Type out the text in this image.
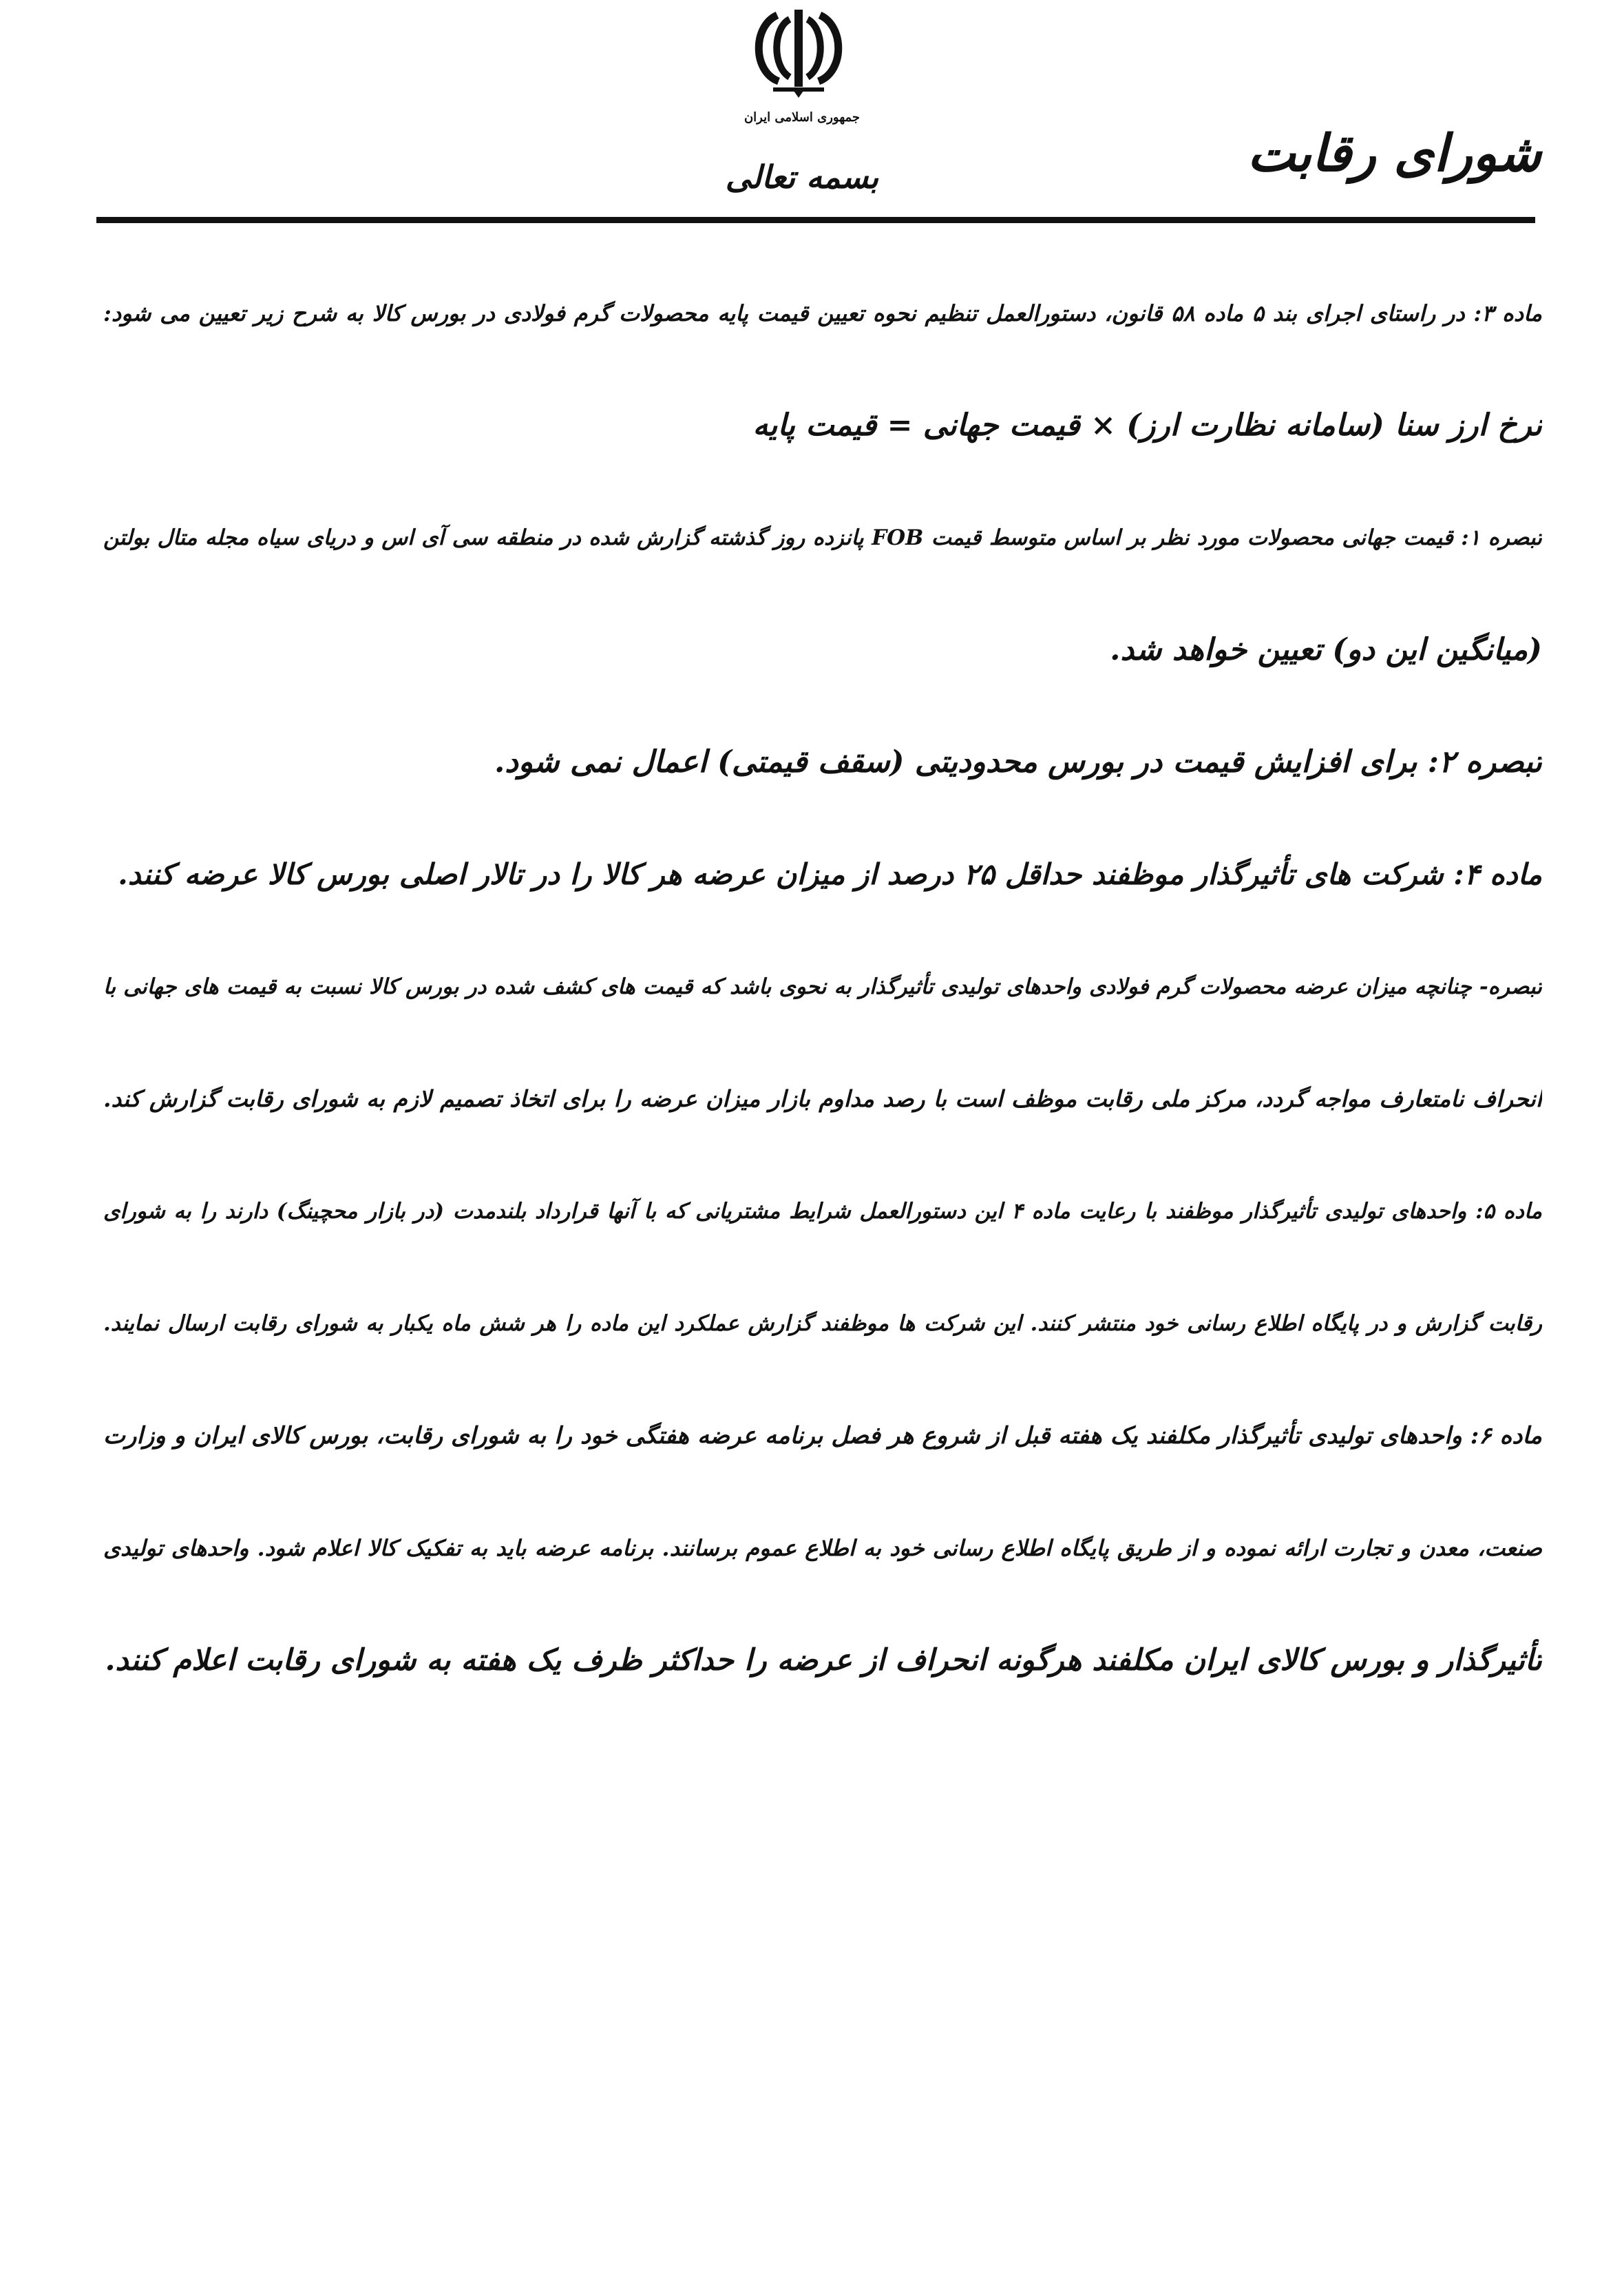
جمهوری اسلامی ایران
بسمه تعالی	شورای رقابت
ماده ۳: در راستای اجرای بند ۵ ماده ۵۸ قانون، دستورالعمل تنظیم نحوه تعیین قیمت پایه محصولات گرم فولادی در بورس کالا به شرح زیر تعیین می شود:
نرخ ارز سنا (سامانه نظارت ارز) × قیمت جهانی = قیمت پایه
تبصره ۱: قیمت جهانی محصولات مورد نظر بر اساس متوسط قیمت FOB پانزده روز گذشته گزارش شده در منطقه سی آی اس و دریای سیاه مجله متال بولتن
(میانگین این دو) تعیین خواهد شد.
تبصره ۲: برای افزایش قیمت در بورس محدودیتی (سقف قیمتی) اعمال نمی شود.
ماده ۴: شرکت های تأثیرگذار موظفند حداقل ۲۵ درصد از میزان عرضه هر کالا را در تالار اصلی بورس کالا عرضه کنند.
تبصره- چنانچه میزان عرضه محصولات گرم فولادی واحدهای تولیدی تأثیرگذار به نحوی باشد که قیمت های کشف شده در بورس کالا نسبت به قیمت های جهانی با
انحراف نامتعارف مواجه گردد، مرکز ملی رقابت موظف است با رصد مداوم بازار میزان عرضه را برای اتخاذ تصمیم لازم به شورای رقابت گزارش کند.
ماده ۵: واحدهای تولیدی تأثیرگذار موظفند با رعایت ماده ۴ این دستورالعمل شرایط مشتریانی که با آنها قرارداد بلندمدت (در بازار محچینگ) دارند را به شورای
رقابت گزارش و در پایگاه اطلاع رسانی خود منتشر کنند. این شرکت ها موظفند گزارش عملکرد این ماده را هر شش ماه یکبار به شورای رقابت ارسال نمایند.
ماده ۶: واحدهای تولیدی تأثیرگذار مکلفند یک هفته قبل از شروع هر فصل برنامه عرضه هفتگی خود را به شورای رقابت، بورس کالای ایران و وزارت
صنعت، معدن و تجارت ارائه نموده و از طریق پایگاه اطلاع رسانی خود به اطلاع عموم برسانند. برنامه عرضه باید به تفکیک کالا اعلام شود. واحدهای تولیدی
تأثیرگذار و بورس کالای ایران مکلفند هرگونه انحراف از عرضه را حداکثر ظرف یک هفته به شورای رقابت اعلام کنند.
